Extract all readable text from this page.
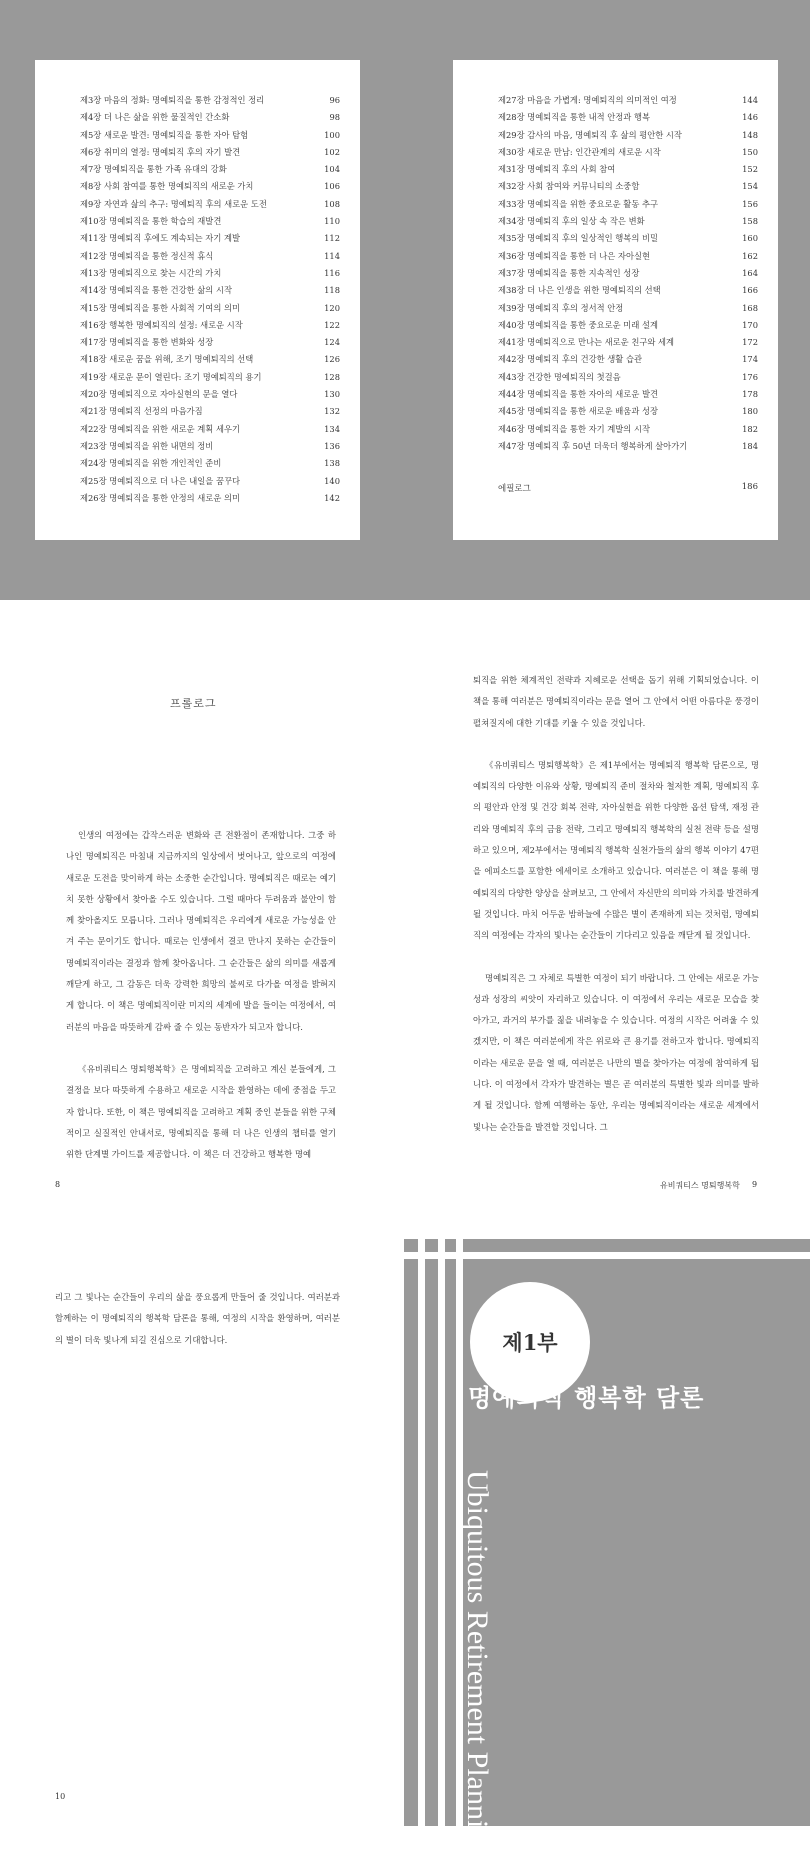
제3장 마음의 정화: 명예퇴직을 통한 감정적인 정리	96
제4장 더 나은 삶을 위한 물질적인 간소화	98
제5장 새로운 발견: 명예퇴직을 통한 자아 탐험	100
제6장 취미의 열정: 명예퇴직 후의 자기 발견	102
제7장 명예퇴직을 통한 가족 유대의 강화	104
제8장 사회 참여를 통한 명예퇴직의 새로운 가치	106
제9장 자연과 삶의 추구: 명예퇴직 후의 새로운 도전	108
제10장 명예퇴직을 통한 학습의 재발견	110
제11장 명예퇴직 후에도 계속되는 자기 계발	112
제12장 명예퇴직을 통한 정신적 휴식	114
제13장 명예퇴직으로 찾는 시간의 가치	116
제14장 명예퇴직을 통한 건강한 삶의 시작	118
제15장 명예퇴직을 통한 사회적 기여의 의미	120
제16장 행복한 명예퇴직의 설정: 새로운 시작	122
제17장 명예퇴직을 통한 변화와 성장	124
제18장 새로운 꿈을 위해, 조기 명예퇴직의 선택	126
제19장 새로운 문이 열린다: 조기 명예퇴직의 용기	128
제20장 명예퇴직으로 자아실현의 문을 열다	130
제21장 명예퇴직 선정의 마음가짐	132
제22장 명예퇴직을 위한 새로운 계획 세우기	134
제23장 명예퇴직을 위한 내면의 정비	136
제24장 명예퇴직을 위한 개인적인 준비	138
제25장 명예퇴직으로 더 나은 내일을 꿈꾸다	140
제26장 명예퇴직을 통한 안정의 새로운 의미	142
제27장 마음을 가볍게: 명예퇴직의 의미적인 여정	144
제28장 명예퇴직을 통한 내적 안정과 행복	146
제29장 감사의 마음, 명예퇴직 후 삶의 평안한 시작	148
제30장 새로운 만남: 인간관계의 새로운 시작	150
제31장 명예퇴직 후의 사회 참여	152
제32장 사회 참여와 커뮤니티의 소중함	154
제33장 명예퇴직을 위한 중요로운 활동 추구	156
제34장 명예퇴직 후의 일상 속 작은 변화	158
제35장 명예퇴직 후의 일상적인 행복의 비밀	160
제36장 명예퇴직을 통한 더 나은 자아실현	162
제37장 명예퇴직을 통한 지속적인 성장	164
제38장 더 나은 인생을 위한 명예퇴직의 선택	166
제39장 명예퇴직 후의 정서적 안정	168
제40장 명예퇴직을 통한 중요로운 미래 설계	170
제41장 명예퇴직으로 만나는 새로운 친구와 세계	172
제42장 명예퇴직 후의 건강한 생활 습관	174
제43장 건강한 명예퇴직의 첫걸음	176
제44장 명예퇴직을 통한 자아의 새로운 발견	178
제45장 명예퇴직을 통한 새로운 배움과 성장	180
제46장 명예퇴직을 통한 자기 계발의 시작	182
제47장 명예퇴직 후 50년 더욱더 행복하게 살아가기	184
에필로그	186
프롤로그

인생의 여정에는 갑작스러운 변화와 큰 전환점이 존재합니다. 그중 하나인 명예퇴직은 마침내 지금까지의 일상에서 벗어나고, 앞으로의 여정에 새로운 도전을 맞이하게 하는 소중한 순간입니다. 명예퇴직은 때로는 예기치 못한 상황에서 찾아올 수도 있습니다. 그럴 때마다 두려움과 불안이 함께 찾아올지도 모릅니다. 그러나 명예퇴직은 우리에게 새로운 가능성을 안겨 주는 문이기도 합니다. 때로는 인생에서 결코 만나지 못하는 순간들이 명예퇴직이라는 결정과 함께 찾아옵니다. 그 순간들은 삶의 의미를 새롭게 깨닫게 하고, 그 감동은 더욱 강력한 희망의 불씨로 다가올 여정을 밝혀지게 합니다. 이 책은 명예퇴직이란 미지의 세계에 발을 들이는 여정에서, 여러분의 마음을 따뜻하게 감싸 줄 수 있는 동반자가 되고자 합니다.

《유비쿼티스 명퇴행복학》은 명예퇴직을 고려하고 계신 분들에게, 그 결정을 보다 따뜻하게 수용하고 새로운 시작을 환영하는 데에 중점을 두고자 합니다. 또한, 이 책은 명예퇴직을 고려하고 계획 중인 분들을 위한 구체적이고 실질적인 안내서로, 명예퇴직을 통해 더 나은 인생의 챕터를 열기 위한 단계별 가이드를 제공합니다. 이 책은 더 건강하고 행복한 명예

퇴직을 위한 체계적인 전략과 지혜로운 선택을 돕기 위해 기획되었습니다. 이 책을 통해 여러분은 명예퇴직이라는 문을 열어 그 안에서 어떤 아름다운 풍경이 펼쳐질지에 대한 기대를 키울 수 있을 것입니다.

《유비쿼티스 명퇴행복학》은 제1부에서는 명예퇴직 행복학 담론으로, 명예퇴직의 다양한 이유와 상황, 명예퇴직 준비 절차와 철저한 계획, 명예퇴직 후의 평안과 안정 및 건강 회복 전략, 자아실현을 위한 다양한 옵션 탐색, 재정 관리와 명예퇴직 후의 금융 전략, 그리고 명예퇴직 행복학의 실천 전략 등을 설명하고 있으며, 제2부에서는 명예퇴직 행복학 실천가들의 삶의 행복 이야기 47편을 에피소드를 포함한 에세이로 소개하고 있습니다. 여러분은 이 책을 통해 명예퇴직의 다양한 양상을 살펴보고, 그 안에서 자신만의 의미와 가치를 발견하게 될 것입니다. 마치 어두운 밤하늘에 수많은 별이 존재하게 되는 것처럼, 명예퇴직의 여정에는 각자의 빛나는 순간들이 기다리고 있음을 깨닫게 될 것입니다.

명예퇴직은 그 자체로 특별한 여정이 되기 바랍니다. 그 안에는 새로운 가능성과 성장의 씨앗이 자리하고 있습니다. 이 여정에서 우리는 새로운 모습을 찾아가고, 과거의 부가를 짊을 내려놓을 수 있습니다. 여정의 시작은 어려울 수 있겠지만, 이 책은 여러분에게 작은 위로와 큰 용기를 전하고자 합니다. 명예퇴직이라는 새로운 문을 열 때, 여러분은 나만의 별을 찾아가는 여정에 참여하게 됩니다. 이 여정에서 각자가 발견하는 별은 곧 여러분의 특별한 빛과 의미를 발하게 될 것입니다. 함께 여행하는 동안, 우리는 명예퇴직이라는 새로운 세계에서 빛나는 순간들을 발견할 것입니다. 그

8	유비쿼티스 명퇴행복학 9

리고 그 빛나는 순간들이 우리의 삶을 풍요롭게 만들어 줄 것입니다. 여러분과 함께하는 이 명예퇴직의 행복학 담론을 통해, 여정의 시작을 환영하며, 여러분의 별이 더욱 빛나게 되길 진심으로 기대합니다.

10
제1부
명예퇴직 행복학 담론
Ubiquitous Retirement Planning
